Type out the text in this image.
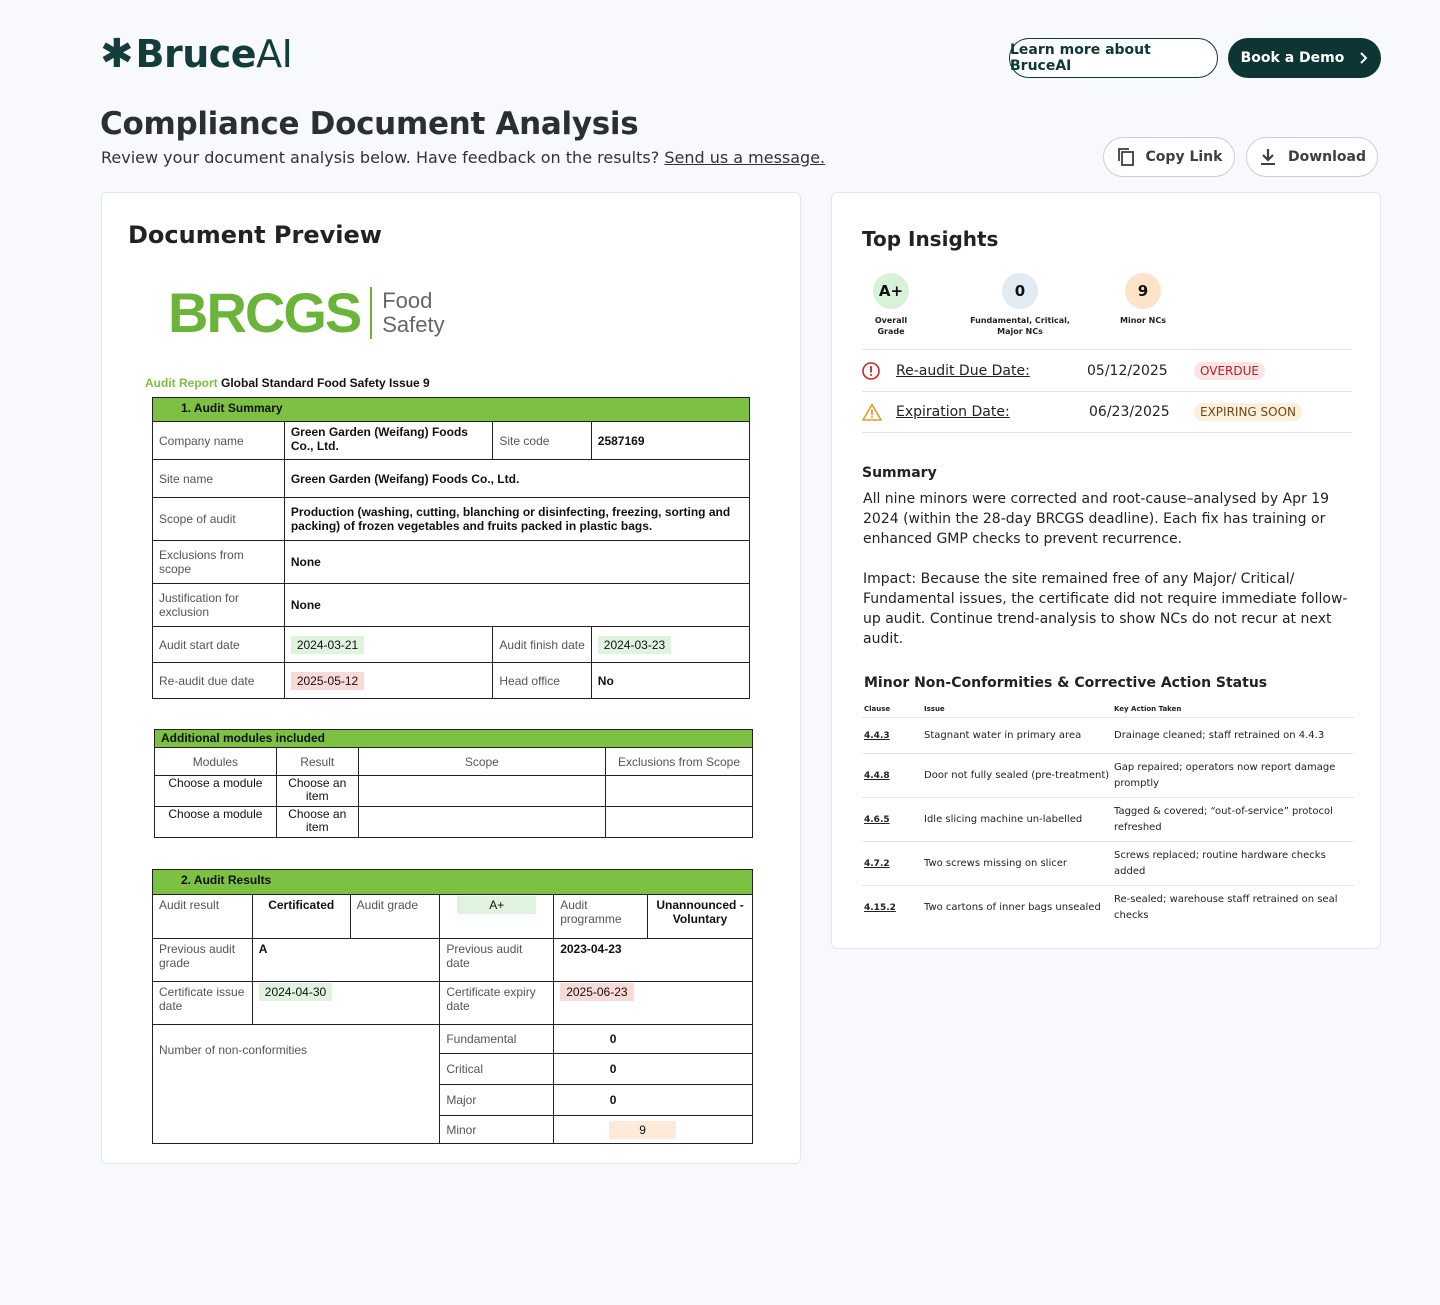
✱ BruceAI	Learn more about BruceAI	Book a Demo
Compliance Document Analysis
Review your document analysis below. Have feedback on the results? Send us a message.	Copy Link	Download
Document Preview
BRCGS Food
Safety
Audit Report Global Standard Food Safety Issue 9
1. Audit Summary			
Company name	Green Garden (Weifang) Foods Co., Ltd.	Site code	2587169
Site name	Green Garden (Weifang) Foods Co., Ltd.		
Scope of audit	Production (washing, cutting, blanching or disinfecting, freezing, sorting and packing) of frozen vegetables and fruits packed in plastic bags.		
Exclusions from scope	None		
Justification for exclusion	None		
Audit start date	2024-03-21	Audit finish date	2024-03-23
Re-audit due date	2025-05-12	Head office	No
Additional modules included			
Modules	Result	Scope	Exclusions from Scope
Choose a module	Choose an item		
Choose a module	Choose an item		
2. Audit Results					
Audit result	Certificated	Audit grade	A+	Audit programme	Unannounced - Voluntary
Previous audit grade	A		Previous audit date	2023-04-23	
Certificate issue date	2024-04-30		Certificate expiry date	2025-06-23	
Number of non-conformities			Fundamental	0	
			Critical	0	
			Major	0	
			Minor	9	
Top Insights
A+
Overall Grade
0
Fundamental, Critical, Major NCs
9
Minor NCs
Re-audit Due Date:	05/12/2025	OVERDUE
Expiration Date:	06/23/2025	EXPIRING SOON
Summary

All nine minors were corrected and root-cause–analysed by Apr 19 2024 (within the 28-day BRCGS deadline). Each fix has training or enhanced GMP checks to prevent recurrence.

Impact: Because the site remained free of any Major/ Critical/ Fundamental issues, the certificate did not require immediate follow-up audit. Continue trend-analysis to show NCs do not recur at next audit.

Minor Non-Conformities & Corrective Action Status
Clause	Issue	Key Action Taken
4.4.3	Stagnant water in primary area	Drainage cleaned; staff retrained on 4.4.3
4.4.8	Door not fully sealed (pre-treatment)	Gap repaired; operators now report damage promptly
4.6.5	Idle slicing machine un-labelled	Tagged & covered; “out-of-service” protocol refreshed
4.7.2	Two screws missing on slicer	Screws replaced; routine hardware checks added
4.15.2	Two cartons of inner bags unsealed	Re-sealed; warehouse staff retrained on seal checks
